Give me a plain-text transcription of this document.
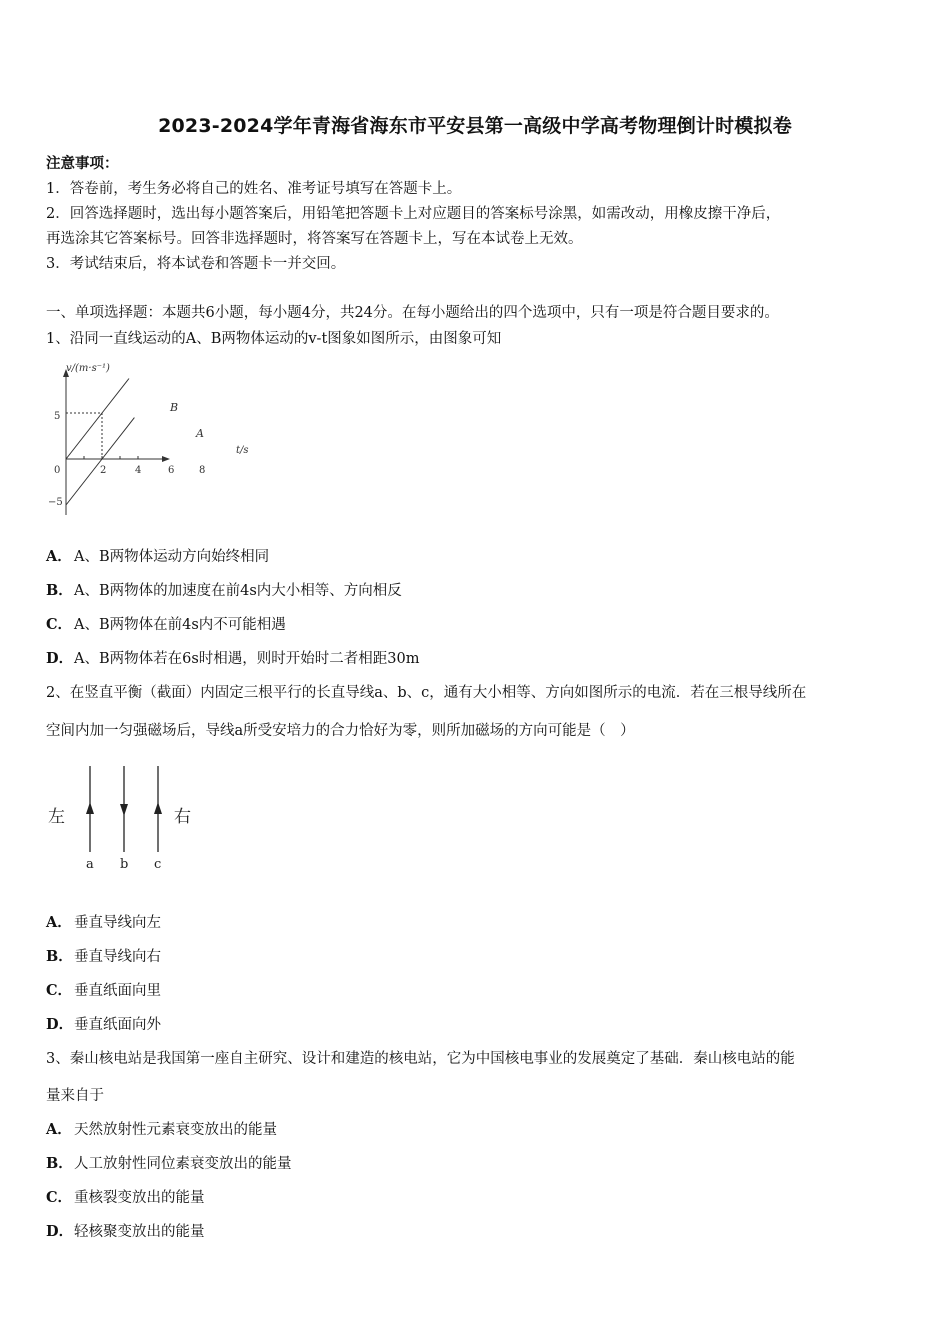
2023-2024学年青海省海东市平安县第一高级中学高考物理倒计时模拟卷
注意事项：
1．答卷前，考生务必将自己的姓名、准考证号填写在答题卡上。
2．回答选择题时，选出每小题答案后，用铅笔把答题卡上对应题目的答案标号涂黑，如需改动，用橡皮擦干净后，
再选涂其它答案标号。回答非选择题时，将答案写在答题卡上，写在本试卷上无效。
3．考试结束后，将本试卷和答题卡一并交回。
一、单项选择题：本题共6小题，每小题4分，共24分。在每小题给出的四个选项中，只有一项是符合题目要求的。
1、沿同一直线运动的A、B两物体运动的v-t图象如图所示，由图象可知
v/(m·s⁻¹)
t/s
B
A
0	2	4	6 8
5
−5
A． A、B两物体运动方向始终相同
B．A、B两物体的加速度在前4s内大小相等、方向相反
C． A、B两物体在前4s内不可能相遇
D．A、B两物体若在6s时相遇，则时开始时二者相距30m
2、在竖直平衡（截面）内固定三根平行的长直导线a、b、c，通有大小相等、方向如图所示的电流．若在三根导线所在
空间内加一匀强磁场后，导线a所受安培力的合力恰好为零，则所加磁场的方向可能是（　）
左	右
a b c
A． 垂直导线向左
B．垂直导线向右
C． 垂直纸面向里
D．垂直纸面向外
3、秦山核电站是我国第一座自主研究、设计和建造的核电站，它为中国核电事业的发展奠定了基础．秦山核电站的能
量来自于
A． 天然放射性元素衰变放出的能量
B．人工放射性同位素衰变放出的能量
C． 重核裂变放出的能量
D．轻核聚变放出的能量
